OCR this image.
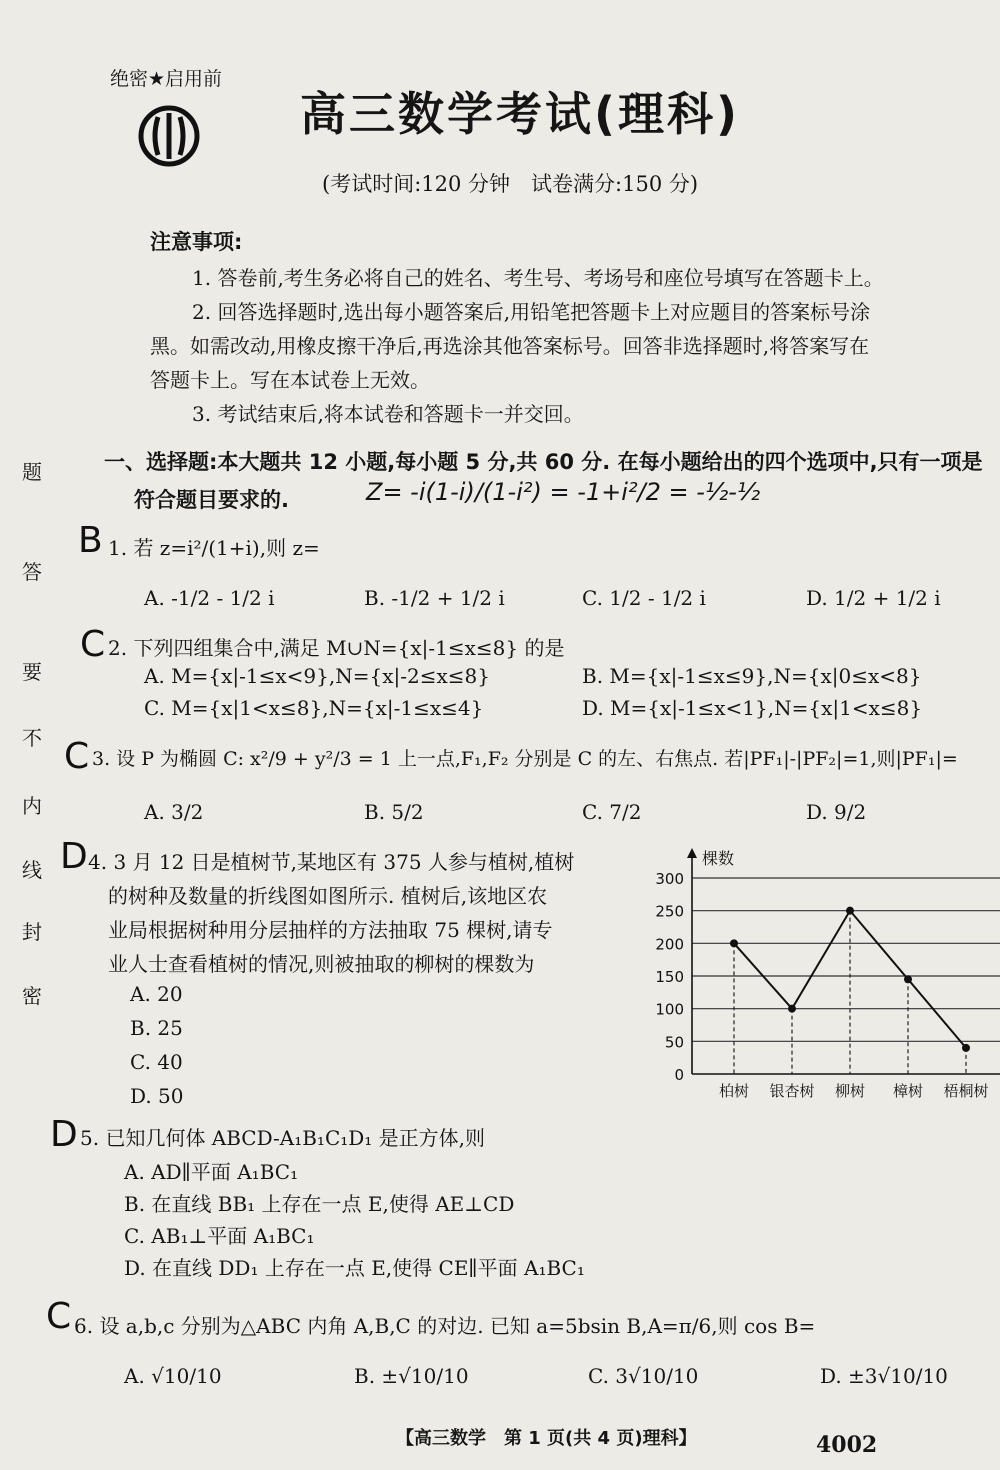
绝密★启用前
高三数学考试(理科)
(考试时间:120 分钟　试卷满分:150 分)
注意事项:
1. 答卷前,考生务必将自己的姓名、考生号、考场号和座位号填写在答题卡上。
2. 回答选择题时,选出每小题答案后,用铅笔把答题卡上对应题目的答案标号涂
黑。如需改动,用橡皮擦干净后,再选涂其他答案标号。回答非选择题时,将答案写在
答题卡上。写在本试卷上无效。
3. 考试结束后,将本试卷和答题卡一并交回。
题
答
要
不
内
线
封
密
一、选择题:本大题共 12 小题,每小题 5 分,共 60 分. 在每小题给出的四个选项中,只有一项是
符合题目要求的.	Z= -i(1-i)/(1-i²) = -1+i²/2 = -½-½
B 1. 若 z=i²/(1+i),则 z=
A. -1/2 - 1/2 i	B. -1/2 + 1/2 i	C. 1/2 - 1/2 i	D. 1/2 + 1/2 i
C 2. 下列四组集合中,满足 M∪N={x|-1≤x≤8} 的是
A. M={x|-1≤x<9},N={x|-2≤x≤8}	B. M={x|-1≤x≤9},N={x|0≤x<8}
C. M={x|1<x≤8},N={x|-1≤x≤4}	D. M={x|-1≤x<1},N={x|1<x≤8}
C 3. 设 P 为椭圆 C: x²/9 + y²/3 = 1 上一点,F₁,F₂ 分别是 C 的左、右焦点. 若|PF₁|-|PF₂|=1,则|PF₁|=
A. 3/2	B. 5/2	C. 7/2	D. 9/2
D 4. 3 月 12 日是植树节,某地区有 375 人参与植树,植树
的树种及数量的折线图如图所示. 植树后,该地区农
业局根据树种用分层抽样的方法抽取 75 棵树,请专
业人士查看植树的情况,则被抽取的柳树的棵数为
A. 20
B. 25
C. 40
D. 50
0
50
100
150
200
250
300
棵数
柏树 银杏树 柳树 樟树 梧桐树
D 5. 已知几何体 ABCD-A₁B₁C₁D₁ 是正方体,则
A. AD∥平面 A₁BC₁
B. 在直线 BB₁ 上存在一点 E,使得 AE⊥CD
C. AB₁⊥平面 A₁BC₁
D. 在直线 DD₁ 上存在一点 E,使得 CE∥平面 A₁BC₁
C 6. 设 a,b,c 分别为△ABC 内角 A,B,C 的对边. 已知 a=5bsin B,A=π/6,则 cos B=
A. √10/10	B. ±√10/10	C. 3√10/10	D. ±3√10/10
【高三数学　第 1 页(共 4 页)理科】	4002
